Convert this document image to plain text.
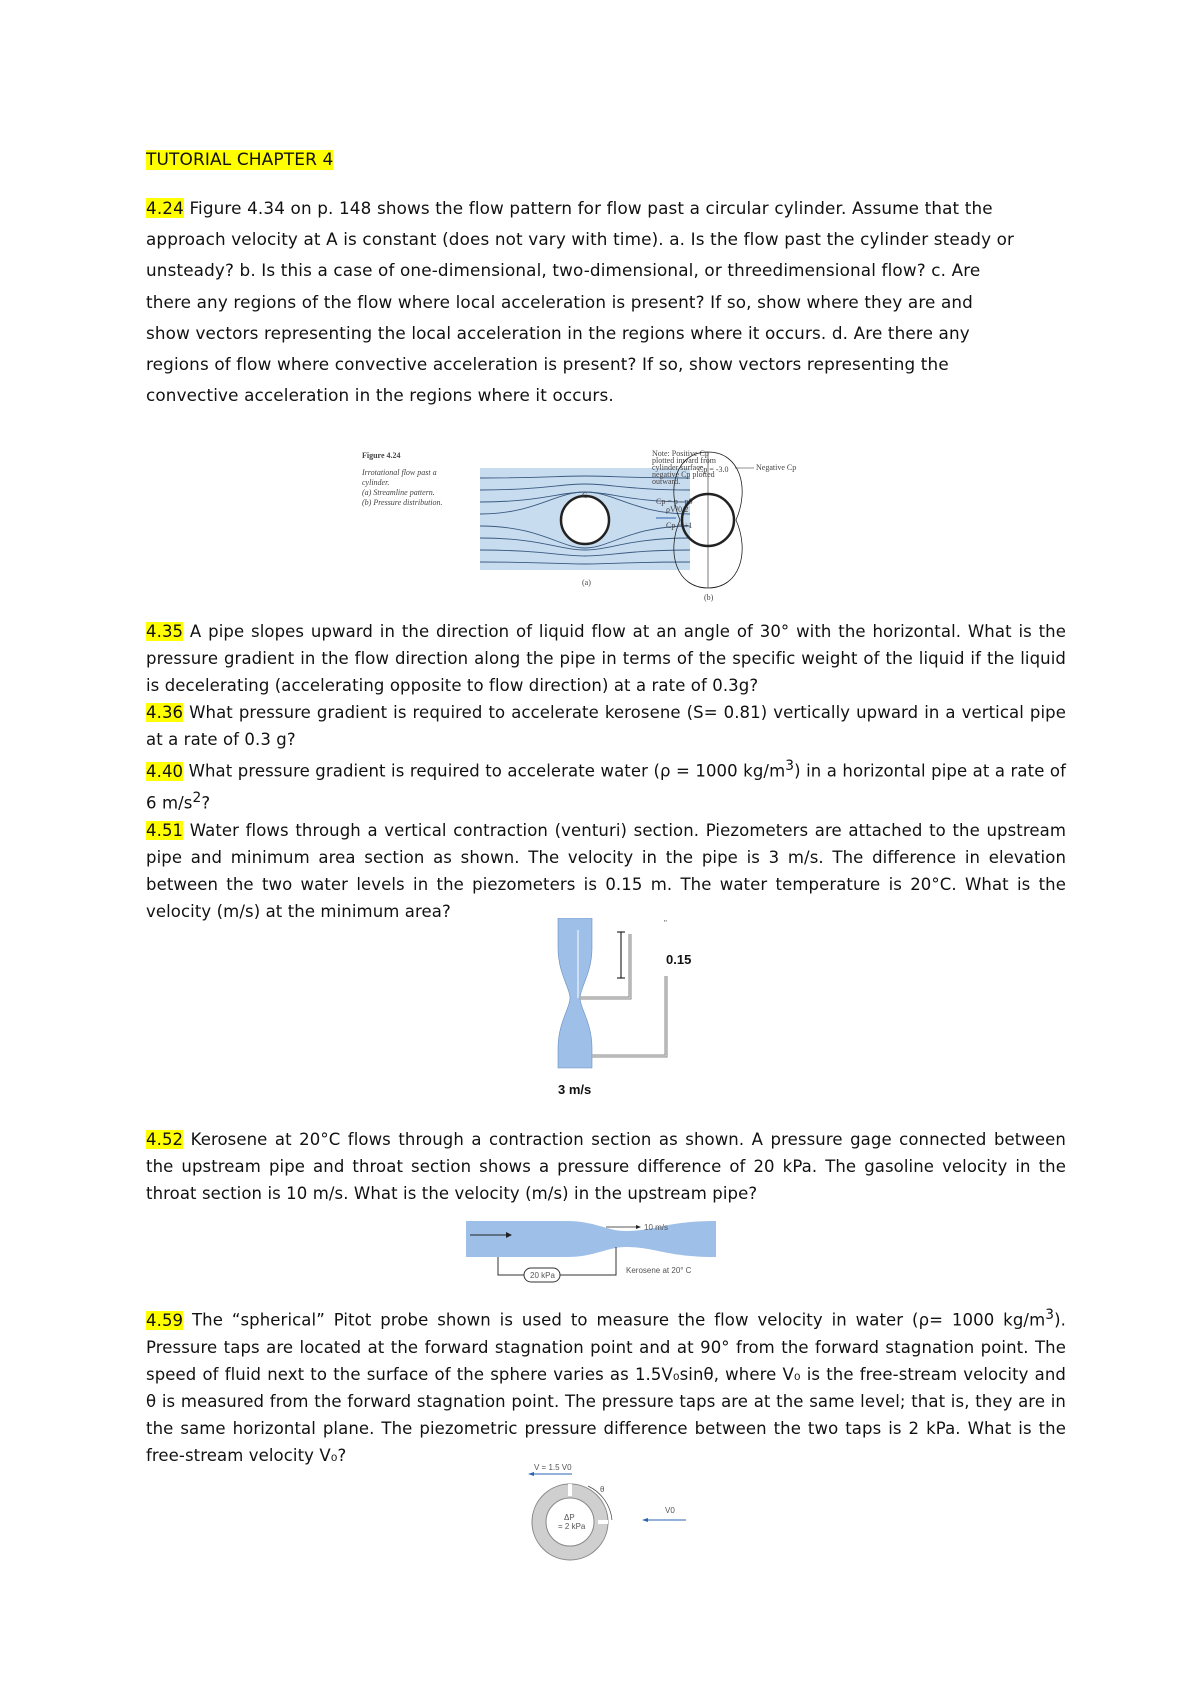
TUTORIAL CHAPTER 4
4.24 Figure 4.34 on p. 148 shows the flow pattern for flow past a circular cylinder. Assume that the
approach velocity at A is constant (does not vary with time). a. Is the flow past the cylinder steady or
unsteady? b. Is this a case of one-dimensional, two-dimensional, or threedimensional flow? c. Are
there any regions of the flow where local acceleration is present? If so, show where they are and
show vectors representing the local acceleration in the regions where it occurs. d. Are there any
regions of flow where convective acceleration is present? If so, show vectors representing the
convective acceleration in the regions where it occurs.
Figure 4.24
Irrotational flow past a
cylinder.
(a) Streamline pattern.
(b) Pressure distribution.
C
(a)
Note: Positive Cp
plotted inward from
cylinder surface,
negative Cp plotted
outward.
Cp = p - p0
ρV²0/2
Cp = +1
Cp = -3.0	Negative Cp
(b)
4.35 A pipe slopes upward in the direction of liquid flow at an angle of 30° with the horizontal. What is the pressure gradient in the flow direction along the pipe in terms of the specific weight of the liquid if the liquid is decelerating (accelerating opposite to flow direction) at a rate of 0.3g?
4.36 What pressure gradient is required to accelerate kerosene (S= 0.81) vertically upward in a vertical pipe at a rate of 0.3 g?
4.40 What pressure gradient is required to accelerate water (ρ = 1000 $kg/m^3$) in a horizontal pipe at a rate of 6 $m/s^2$?
4.51 Water flows through a vertical contraction (venturi) section. Piezometers are attached to the upstream pipe and minimum area section as shown. The velocity in the pipe is 3 m/s. The difference in elevation between the two water levels in the piezometers is 0.15 m. The water temperature is 20°C. What is the velocity (m/s) at the minimum area?
"
0.15
3 m/s
4.52 Kerosene at 20°C flows through a contraction section as shown. A pressure gage connected between the upstream pipe and throat section shows a pressure difference of 20 kPa. The gasoline velocity in the throat section is 10 m/s. What is the velocity (m/s) in the upstream pipe?
10 m/s
20 kPa
Kerosene at 20° C
4.59 The “spherical” Pitot probe shown is used to measure the flow velocity in water (ρ= 1000 $kg/m^3$). Pressure taps are located at the forward stagnation point and at 90° from the forward stagnation point. The speed of fluid next to the surface of the sphere varies as 1.5V₀sinθ, where V₀ is the free-stream velocity and θ is measured from the forward stagnation point. The pressure taps are at the same level; that is, they are in the same horizontal plane. The piezometric pressure difference between the two taps is 2 kPa. What is the free-stream velocity V₀?
V = 1.5 V0
θ
ΔP
= 2 kPa
V0
